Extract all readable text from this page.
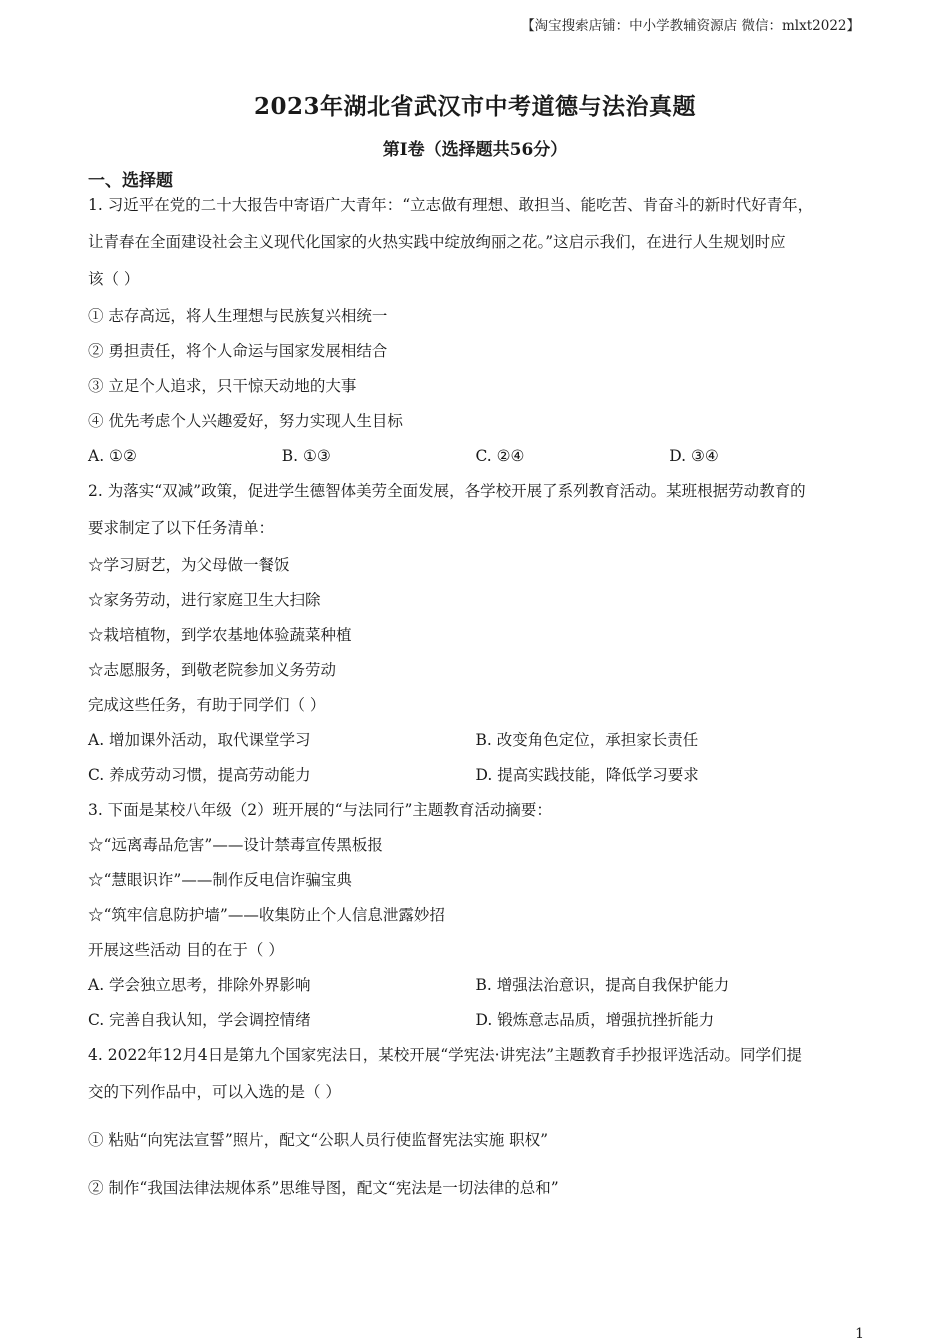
【淘宝搜索店铺：中小学教辅资源店 微信：mlxt2022】
2023年湖北省武汉市中考道德与法治真题
第I卷（选择题共56分）
一、选择题
1. 习近平在党的二十大报告中寄语广大青年：“立志做有理想、敢担当、能吃苦、肯奋斗的新时代好青年，
让青春在全面建设社会主义现代化国家的火热实践中绽放绚丽之花。”这启示我们，在进行人生规划时应
该（ ）
① 志存高远，将人生理想与民族复兴相统一
② 勇担责任，将个人命运与国家发展相结合
③ 立足个人追求，只干惊天动地的大事
④ 优先考虑个人兴趣爱好，努力实现人生目标
A. ①②	B. ①③	C. ②④	D. ③④
2. 为落实“双减”政策，促进学生德智体美劳全面发展，各学校开展了系列教育活动。某班根据劳动教育的
要求制定了以下任务清单：
☆学习厨艺，为父母做一餐饭
☆家务劳动，进行家庭卫生大扫除
☆栽培植物，到学农基地体验蔬菜种植
☆志愿服务，到敬老院参加义务劳动
完成这些任务，有助于同学们（ ）
A. 增加课外活动，取代课堂学习	B. 改变角色定位，承担家长责任
C. 养成劳动习惯，提高劳动能力	D. 提高实践技能，降低学习要求
3. 下面是某校八年级（2）班开展的“与法同行”主题教育活动摘要：
☆“远离毒品危害”——设计禁毒宣传黑板报
☆“慧眼识诈”——制作反电信诈骗宝典
☆“筑牢信息防护墙”——收集防止个人信息泄露妙招
开展这些活动 目的在于（ ）
A. 学会独立思考，排除外界影响	B. 增强法治意识，提高自我保护能力
C. 完善自我认知，学会调控情绪	D. 锻炼意志品质，增强抗挫折能力
4. 2022年12月4日是第九个国家宪法日，某校开展“学宪法·讲宪法”主题教育手抄报评选活动。同学们提
交的下列作品中，可以入选的是（ ）
① 粘贴“向宪法宣誓”照片，配文“公职人员行使监督宪法实施 职权”
② 制作“我国法律法规体系”思维导图，配文“宪法是一切法律的总和”
1
